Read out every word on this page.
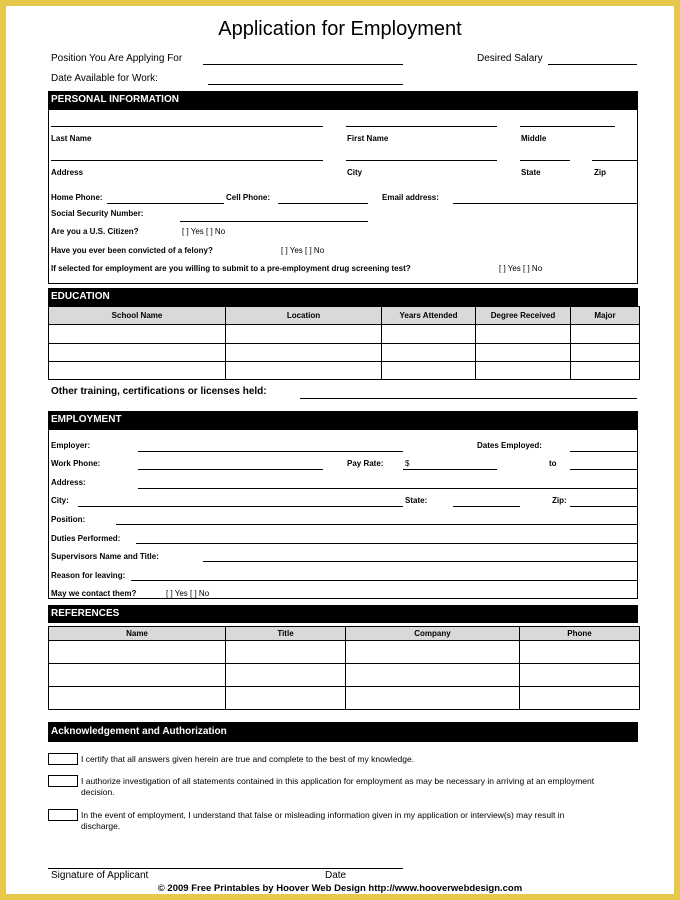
Application for Employment
Position You Are Applying For	Desired Salary
Date Available for Work:
PERSONAL INFORMATION
Last Name	First Name	Middle
Address	City	State	Zip
Home Phone:	Cell Phone:	Email address:
Social Security Number:
Are you a U.S. Citizen?	[ ] Yes [ ] No
Have you ever been convicted of a felony?	[ ] Yes [ ] No
If selected for employment are you willing to submit to a pre-employment drug screening test?	[ ] Yes [ ] No
EDUCATION
School Name	Location	Years Attended	Degree Received	Major

Other training, certifications or licenses held:
EMPLOYMENT
Employer:	Dates Employed:
Work Phone:	Pay Rate:	$	to
Address:
City:	State:	Zip:
Position:
Duties Performed:
Supervisors Name and Title:
Reason for leaving:
May we contact them?	[ ] Yes [ ] No
REFERENCES
Name	Title	Company	Phone

Acknowledgement and Authorization
I certify that all answers given herein are true and complete to the best of my knowledge.
I authorize investigation of all statements contained in this application for employment as may be necessary in arriving at an employment decision.
In the event of employment, I understand that false or misleading information given in my application or interview(s) may result in discharge.
Signature of Applicant	Date
© 2009 Free Printables by Hoover Web Design http://www.hooverwebdesign.com
